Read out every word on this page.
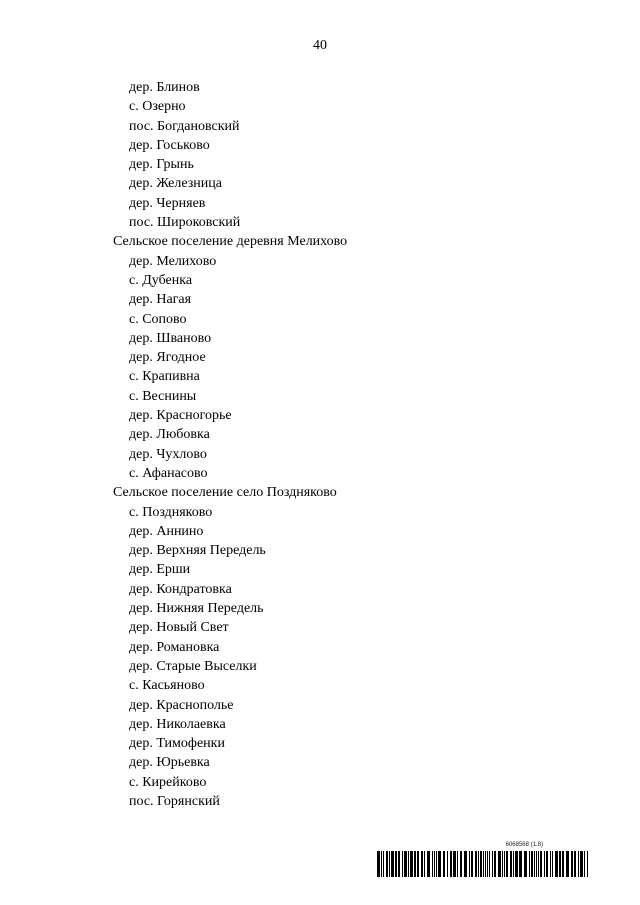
40
дер. Блинов
с. Озерно
пос. Богдановский
дер. Госьково
дер. Грынь
дер. Железница
дер. Черняев
пос. Широковский
Сельское поселение деревня Мелихово
дер. Мелихово
с. Дубенка
дер. Нагая
с. Сопово
дер. Шваново
дер. Ягодное
с. Крапивна
с. Веснины
дер. Красногорье
дер. Любовка
дер. Чухлово
с. Афанасово
Сельское поселение село Поздняково
с. Поздняково
дер. Аннино
дер. Верхняя Передель
дер. Ерши
дер. Кондратовка
дер. Нижняя Передель
дер. Новый Свет
дер. Романовка
дер. Старые Выселки
с. Касьяново
дер. Краснополье
дер. Николаевка
дер. Тимофенки
дер. Юрьевка
с. Кирейково
пос. Горянский
6068568 (1.8)
